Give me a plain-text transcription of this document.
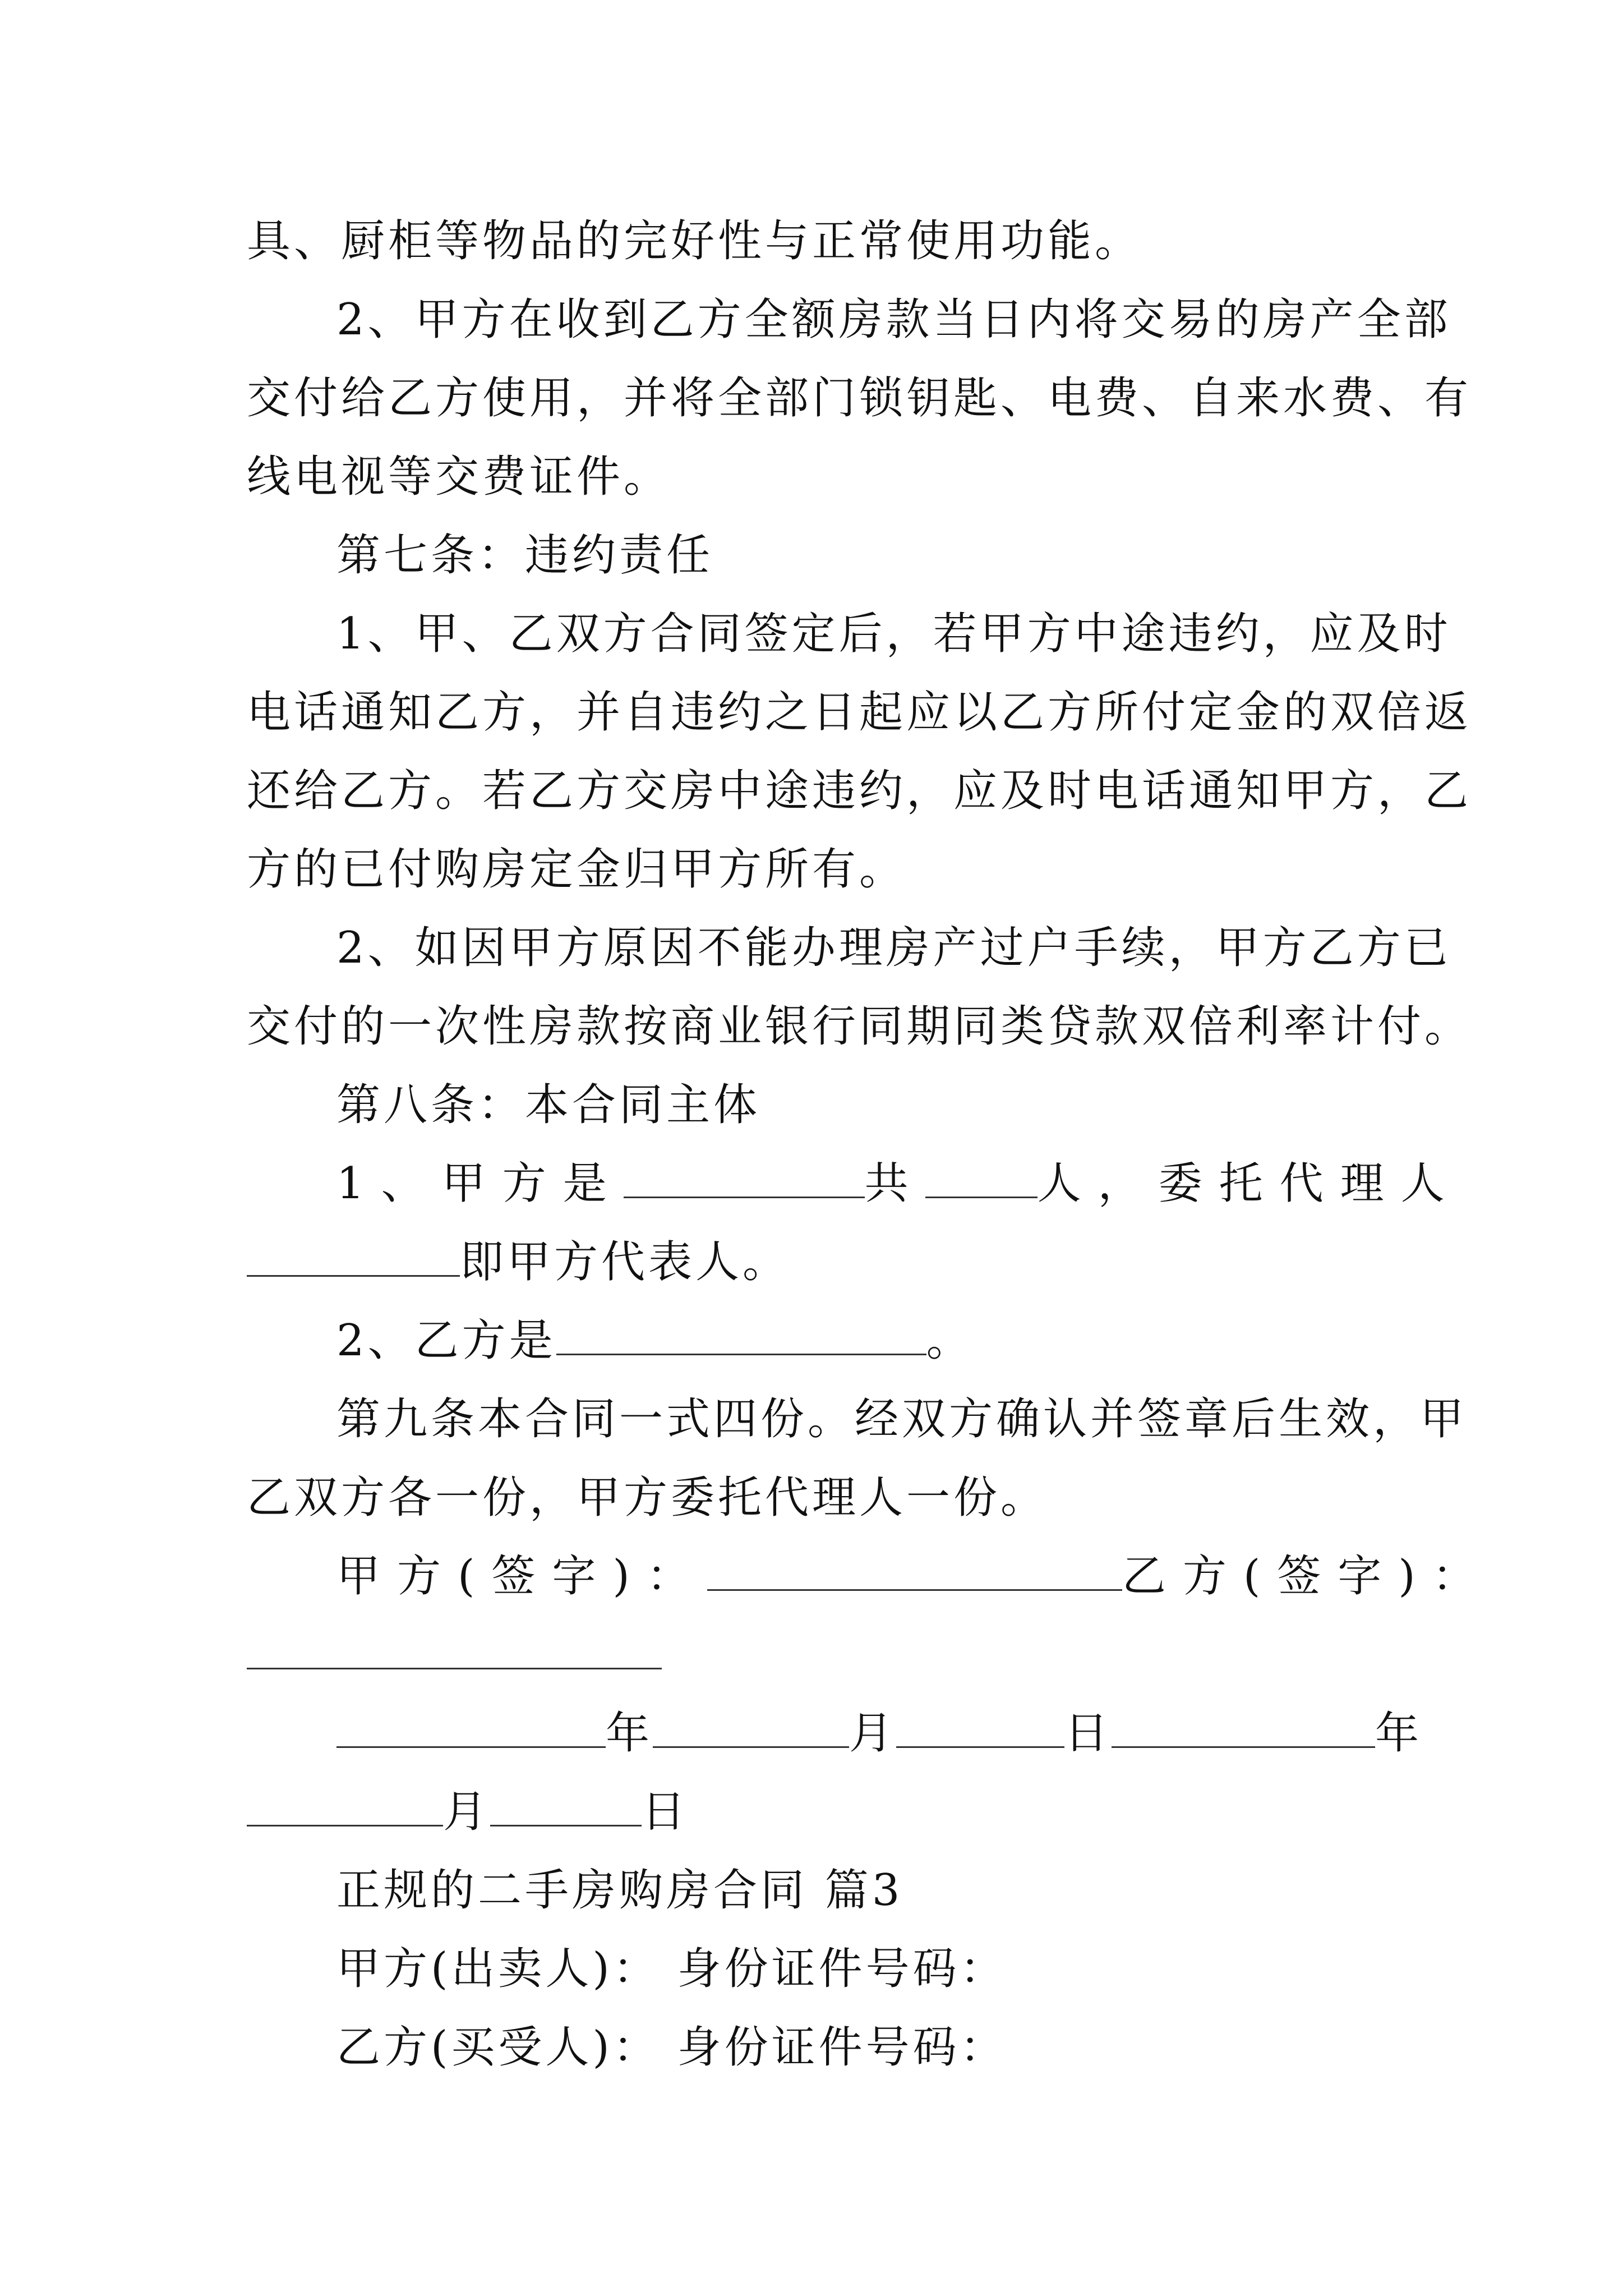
具、厨柜等物品的完好性与正常使用功能。
2、甲方在收到乙方全额房款当日内将交易的房产全部
交付给乙方使用，并将全部门锁钥匙、电费、自来水费、有
线电视等交费证件。
第七条：违约责任
1、甲、乙双方合同签定后，若甲方中途违约，应及时
电话通知乙方，并自违约之日起应以乙方所付定金的双倍返
还给乙方。若乙方交房中途违约，应及时电话通知甲方，乙
方的已付购房定金归甲方所有。
2、如因甲方原因不能办理房产过户手续，甲方乙方已
交付的一次性房款按商业银行同期同类贷款双倍利率计付。
第八条：本合同主体
1、甲方是	共	人，委托代理人
即甲方代表人。
2、乙方是	。
第九条本合同一式四份。经双方确认并签章后生效，甲
乙双方各一份，甲方委托代理人一份。
甲方(签字)：	乙方(签字)：
年	月	日	年
月	日
正规的二手房购房合同 篇3
甲方(出卖人)： 身份证件号码：
乙方(买受人)： 身份证件号码：
